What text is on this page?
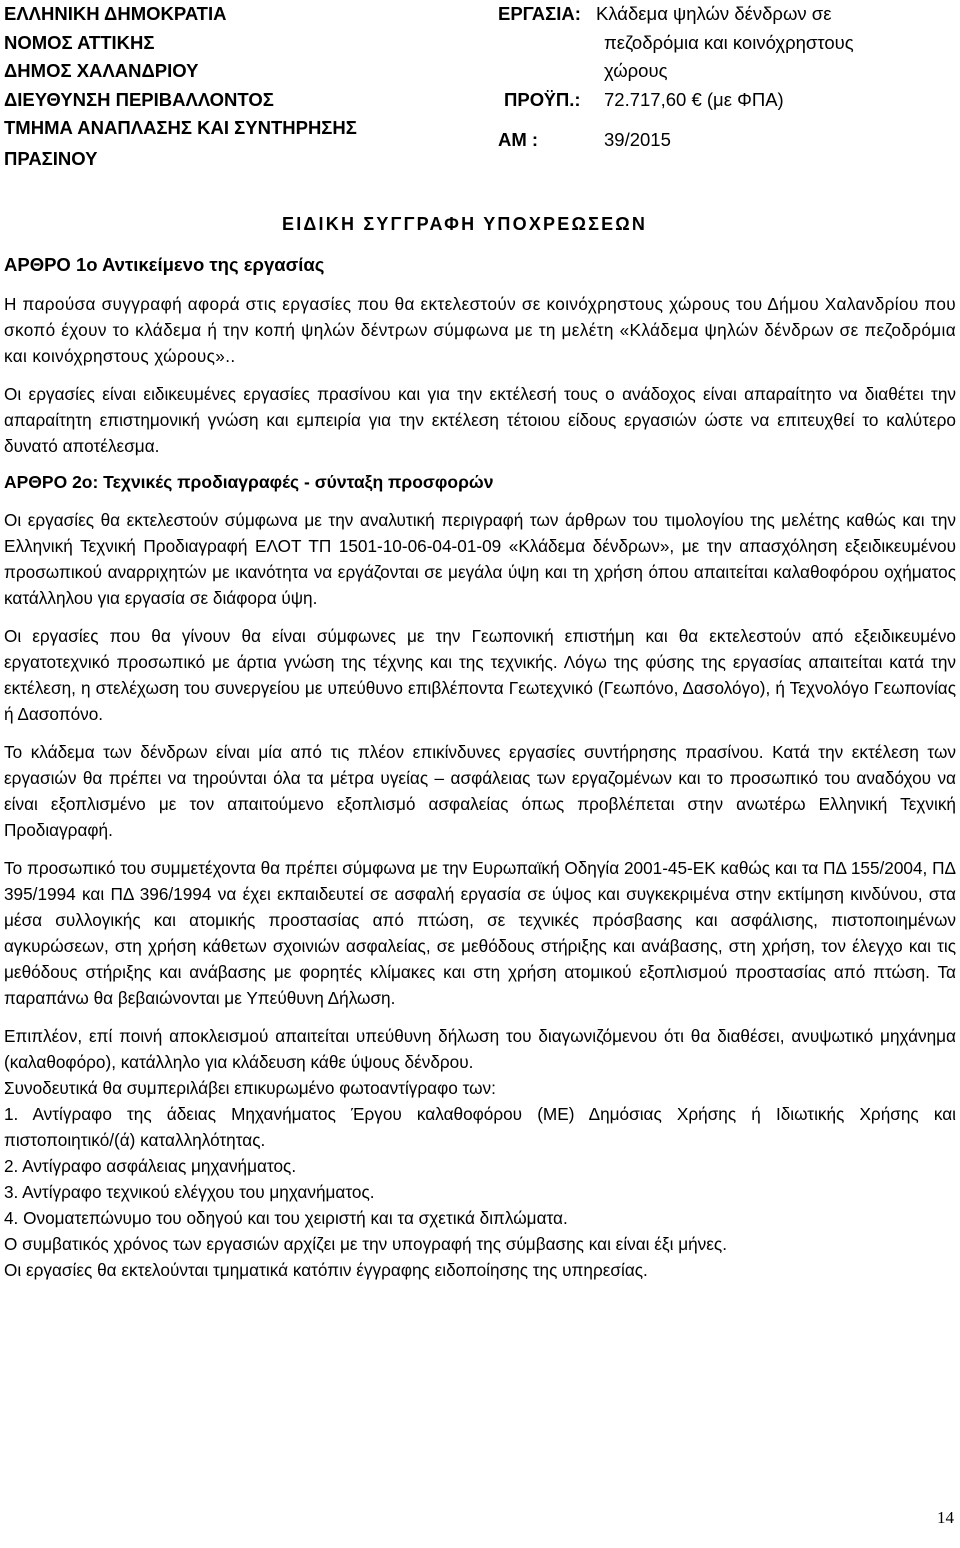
ΕΛΛΗΝΙΚΗ ΔΗΜΟΚΡΑΤΙΑ
ΝΟΜΟΣ ΑΤΤΙΚΗΣ
ΔΗΜΟΣ ΧΑΛΑΝΔΡΙΟΥ
ΔΙΕΥΘΥΝΣΗ ΠΕΡΙΒΑΛΛΟΝΤΟΣ
ΤΜΗΜΑ ΑΝΑΠΛΑΣΗΣ ΚΑΙ ΣΥΝΤΗΡΗΣΗΣ
ΠΡΑΣΙΝΟΥ
ΕΡΓΑΣΙΑ: Κλάδεμα ψηλών δένδρων σε
πεζοδρόμια και κοινόχρηστους
χώρους
ΠΡΟΫΠ.: 72.717,60 € (με ΦΠΑ)
ΑΜ :	39/2015
ΕΙΔΙΚΗ ΣΥΓΓΡΑΦΗ ΥΠΟΧΡΕΩΣΕΩΝ
ΑΡΘΡΟ 1ο Αντικείμενο της εργασίας

Η παρούσα συγγραφή αφορά στις εργασίες που θα εκτελεστούν σε κοινόχρηστους χώρους του Δήμου Χαλανδρίου που σκοπό έχουν το κλάδεμα ή την κοπή ψηλών δέντρων σύμφωνα με τη μελέτη «Κλάδεμα ψηλών δένδρων σε πεζοδρόμια και κοινόχρηστους χώρους»..

Οι εργασίες είναι ειδικευμένες εργασίες πρασίνου και για την εκτέλεσή τους ο ανάδοχος είναι απαραίτητο να διαθέτει την απαραίτητη επιστημονική γνώση και εμπειρία για την εκτέλεση τέτοιου είδους εργασιών ώστε να επιτευχθεί το καλύτερο δυνατό αποτέλεσμα.

ΑΡΘΡΟ 2ο: Τεχνικές προδιαγραφές - σύνταξη προσφορών

Οι εργασίες θα εκτελεστούν σύμφωνα με την αναλυτική περιγραφή των άρθρων του τιμολογίου της μελέτης καθώς και την Ελληνική Τεχνική Προδιαγραφή ΕΛΟΤ ΤΠ 1501-10-06-04-01-09 «Κλάδεμα δένδρων», με την απασχόληση εξειδικευμένου προσωπικού αναρριχητών με ικανότητα να εργάζονται σε μεγάλα ύψη και τη χρήση όπου απαιτείται καλαθοφόρου οχήματος κατάλληλου για εργασία σε διάφορα ύψη.

Οι εργασίες που θα γίνουν θα είναι σύμφωνες με την Γεωπονική επιστήμη και θα εκτελεστούν από εξειδικευμένο εργατοτεχνικό προσωπικό με άρτια γνώση της τέχνης και της τεχνικής. Λόγω της φύσης της εργασίας απαιτείται κατά την εκτέλεση, η στελέχωση του συνεργείου με υπεύθυνο επιβλέποντα Γεωτεχνικό (Γεωπόνο, Δασολόγο), ή Τεχνολόγο Γεωπονίας ή Δασοπόνο.

Το κλάδεμα των δένδρων είναι μία από τις πλέον επικίνδυνες εργασίες συντήρησης πρασίνου. Κατά την εκτέλεση των εργασιών θα πρέπει να τηρούνται όλα τα μέτρα υγείας – ασφάλειας των εργαζομένων και το προσωπικό του αναδόχου να είναι εξοπλισμένο με τον απαιτούμενο εξοπλισμό ασφαλείας όπως προβλέπεται στην ανωτέρω Ελληνική Τεχνική Προδιαγραφή.

Το προσωπικό του συμμετέχοντα θα πρέπει σύμφωνα με την Ευρωπαϊκή Οδηγία 2001-45-ΕΚ καθώς και τα ΠΔ 155/2004, ΠΔ 395/1994 και ΠΔ 396/1994 να έχει εκπαιδευτεί σε ασφαλή εργασία σε ύψος και συγκεκριμένα στην εκτίμηση κινδύνου, στα μέσα συλλογικής και ατομικής προστασίας από πτώση, σε τεχνικές πρόσβασης και ασφάλισης, πιστοποιημένων αγκυρώσεων, στη χρήση κάθετων σχοινιών ασφαλείας, σε μεθόδους στήριξης και ανάβασης, στη χρήση, τον έλεγχο και τις μεθόδους στήριξης και ανάβασης με φορητές κλίμακες και στη χρήση ατομικού εξοπλισμού προστασίας από πτώση. Τα παραπάνω θα βεβαιώνονται με Υπεύθυνη Δήλωση.

Επιπλέον, επί ποινή αποκλεισμού απαιτείται υπεύθυνη δήλωση του διαγωνιζόμενου ότι θα διαθέσει, ανυψωτικό μηχάνημα (καλαθοφόρο), κατάλληλο για κλάδευση κάθε ύψους δένδρου.

Συνοδευτικά θα συμπεριλάβει επικυρωμένο φωτοαντίγραφο των:

1. Αντίγραφο της άδειας Μηχανήματος Έργου καλαθοφόρου (ΜΕ) Δημόσιας Χρήσης ή Ιδιωτικής Χρήσης και πιστοποιητικό/(ά) καταλληλότητας.

2. Αντίγραφο ασφάλειας μηχανήματος.

3. Αντίγραφο τεχνικού ελέγχου του μηχανήματος.

4. Ονοματεπώνυμο του οδηγού και του χειριστή και τα σχετικά διπλώματα.

Ο συμβατικός χρόνος των εργασιών αρχίζει με την υπογραφή της σύμβασης και είναι έξι μήνες.

Οι εργασίες θα εκτελούνται τμηματικά κατόπιν έγγραφης ειδοποίησης της υπηρεσίας.

14
